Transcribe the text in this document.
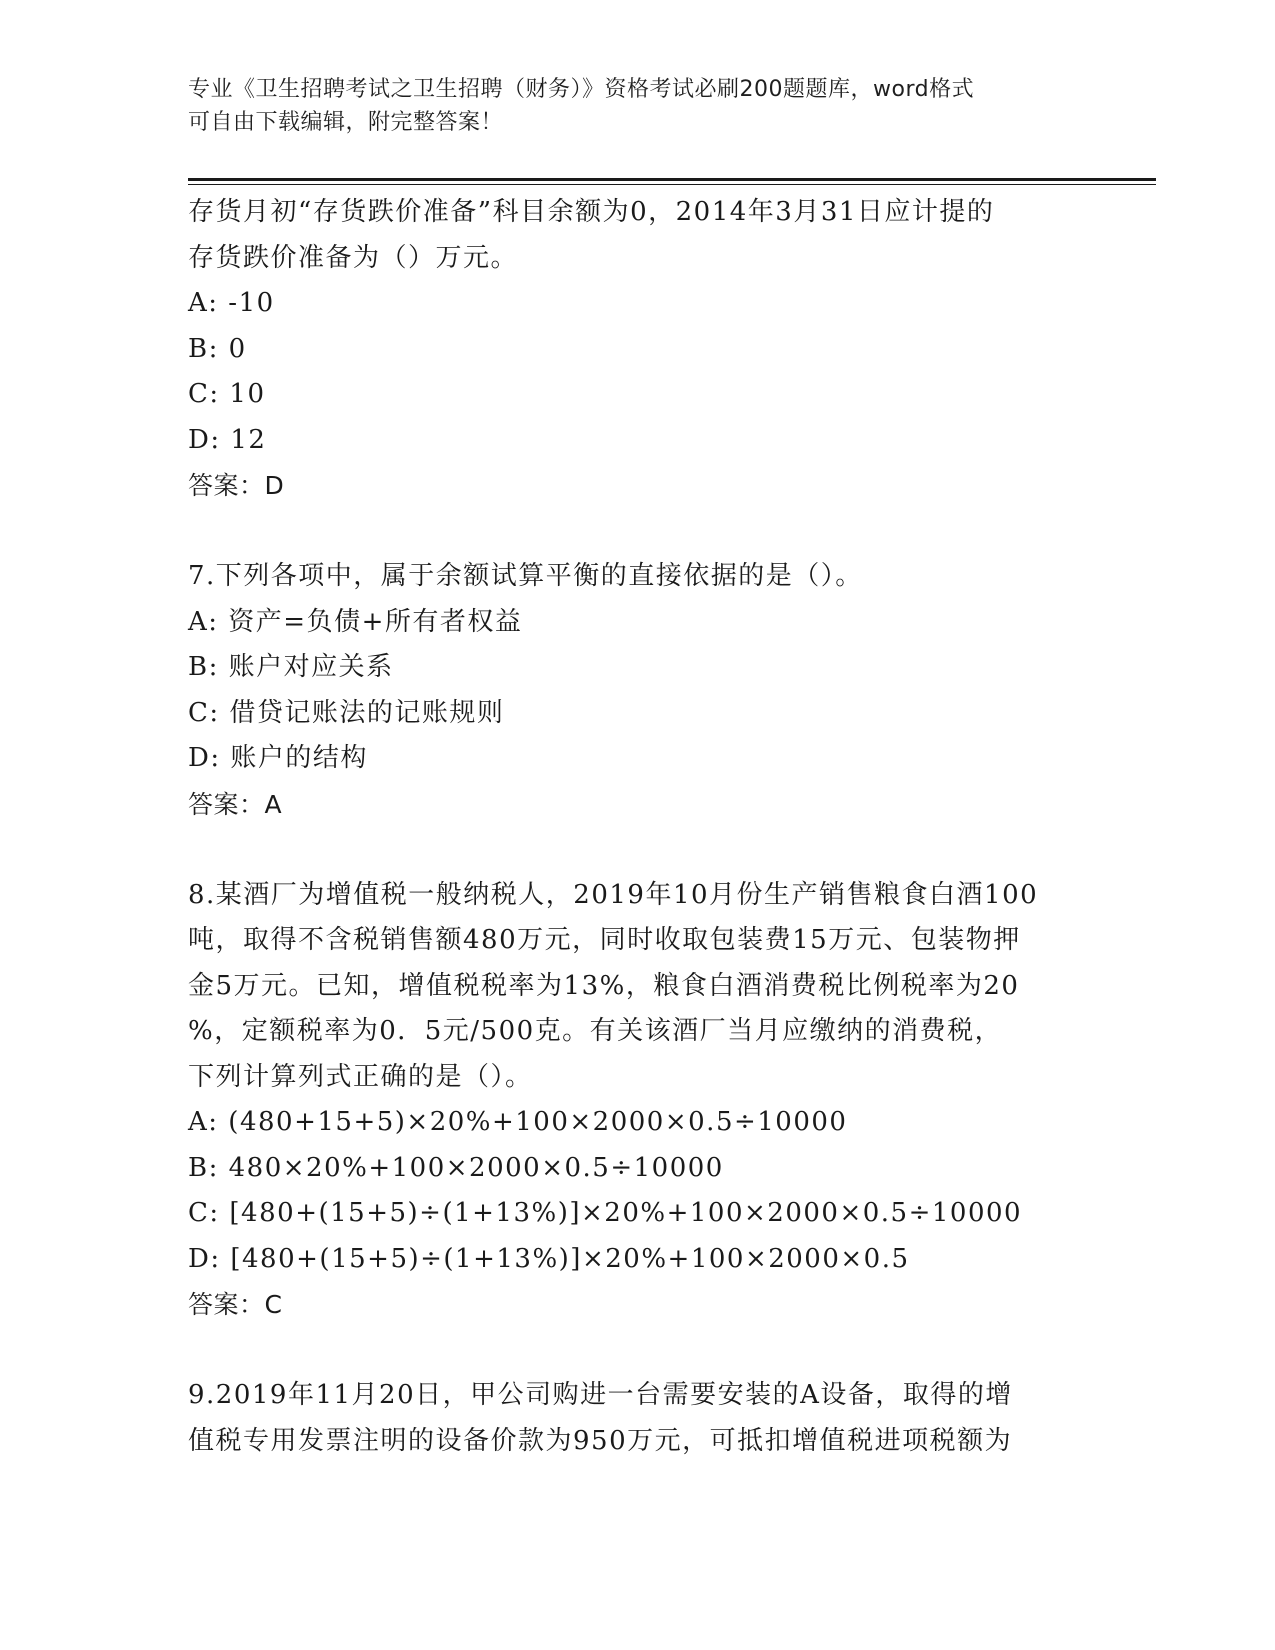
专业《卫生招聘考试之卫生招聘（财务）》资格考试必刷200题题库，word格式
可自由下载编辑，附完整答案！
存货月初“存货跌价准备”科目余额为0，2014年3月31日应计提的
存货跌价准备为（）万元。
A: -10
B: 0
C: 10
D: 12
答案：D
7.下列各项中，属于余额试算平衡的直接依据的是（）。
A: 资产=负债+所有者权益
B: 账户对应关系
C: 借贷记账法的记账规则
D: 账户的结构
答案：A
8.某酒厂为增值税一般纳税人，2019年10月份生产销售粮食白酒100
吨，取得不含税销售额480万元，同时收取包装费15万元、包装物押
金5万元。已知，增值税税率为13%，粮食白酒消费税比例税率为20
%，定额税率为0．5元/500克。有关该酒厂当月应缴纳的消费税，
下列计算列式正确的是（）。
A: (480+15+5)×20%+100×2000×0.5÷10000
B: 480×20%+100×2000×0.5÷10000
C: [480+(15+5)÷(1+13%)]×20%+100×2000×0.5÷10000
D: [480+(15+5)÷(1+13%)]×20%+100×2000×0.5
答案：C
9.2019年11月20日，甲公司购进一台需要安装的A设备，取得的增
值税专用发票注明的设备价款为950万元，可抵扣增值税进项税额为
